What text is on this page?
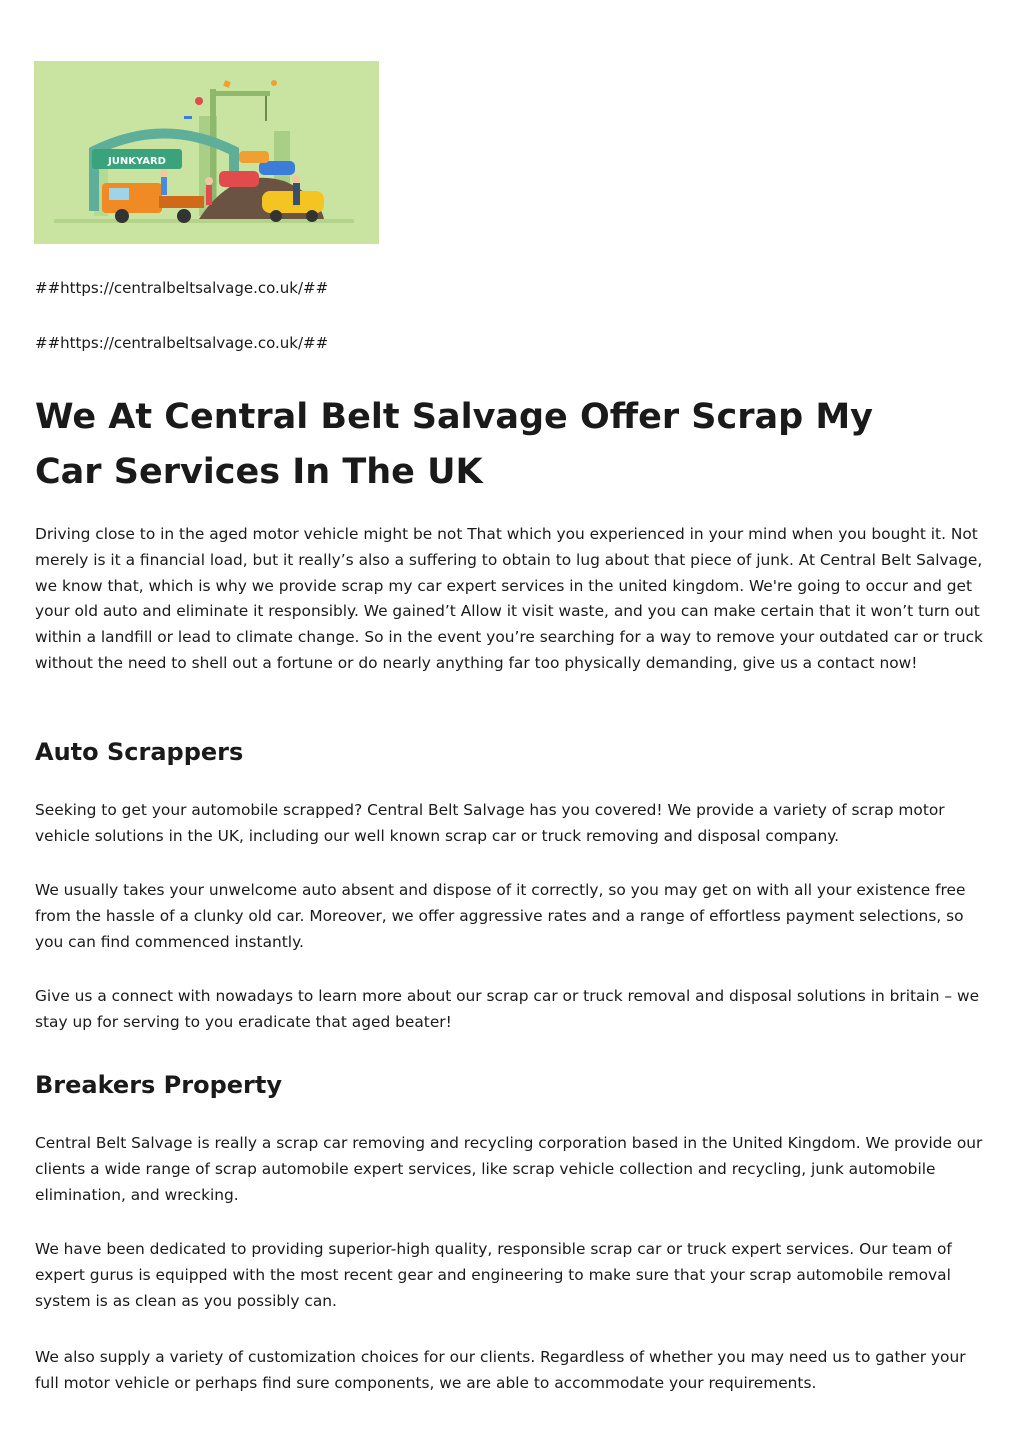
JUNKYARD
##https://centralbeltsalvage.co.uk/##
##https://centralbeltsalvage.co.uk/##
We At Central Belt Salvage Offer Scrap My Car Services In The UK

Driving close to in the aged motor vehicle might be not That which you experienced in your mind when you bought it. Not merely is it a financial load, but it really’s also a suffering to obtain to lug about that piece of junk. At Central Belt Salvage, we know that, which is why we provide scrap my car expert services in the united kingdom. We're going to occur and get your old auto and eliminate it responsibly. We gained’t Allow it visit waste, and you can make certain that it won’t turn out within a landfill or lead to climate change. So in the event you’re searching for a way to remove your outdated car or truck without the need to shell out a fortune or do nearly anything far too physically demanding, give us a contact now!

Auto Scrappers

Seeking to get your automobile scrapped? Central Belt Salvage has you covered! We provide a variety of scrap motor vehicle solutions in the UK, including our well known scrap car or truck removing and disposal company.

We usually takes your unwelcome auto absent and dispose of it correctly, so you may get on with all your existence free from the hassle of a clunky old car. Moreover, we offer aggressive rates and a range of effortless payment selections, so you can find commenced instantly.

Give us a connect with nowadays to learn more about our scrap car or truck removal and disposal solutions in britain – we stay up for serving to you eradicate that aged beater!

Breakers Property

Central Belt Salvage is really a scrap car removing and recycling corporation based in the United Kingdom. We provide our clients a wide range of scrap automobile expert services, like scrap vehicle collection and recycling, junk automobile elimination, and wrecking.

We have been dedicated to providing superior-high quality, responsible scrap car or truck expert services. Our team of expert gurus is equipped with the most recent gear and engineering to make sure that your scrap automobile removal system is as clean as you possibly can.

We also supply a variety of customization choices for our clients. Regardless of whether you may need us to gather your full motor vehicle or perhaps find sure components, we are able to accommodate your requirements.
